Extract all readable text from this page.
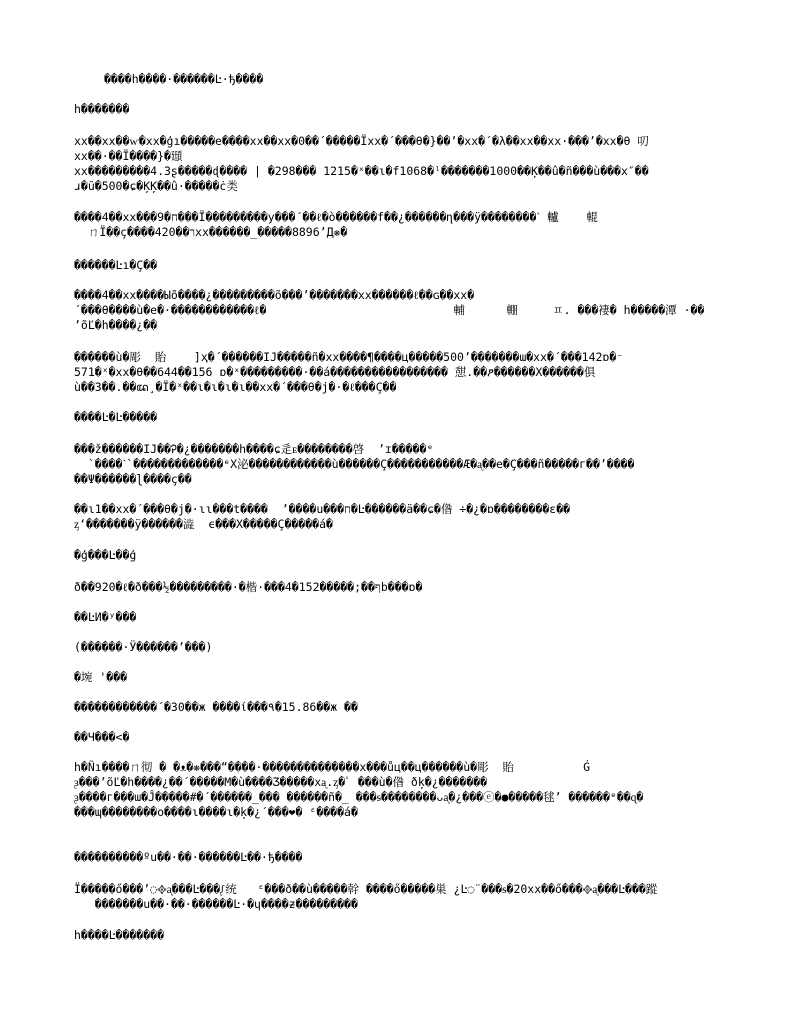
����h����·������Ŀ·ђ����
h�������
xx��xx��ⱳ�xx�ģı�����e����xx��xx�0��΄�����Ïxx�΄���θ�}��ʼ�xx�΄�λ��xx��xx·���ʼ�xx�θ 叨
xx��·��Ï����}�頲
xx���������4.3ʂ�����ɖ���� | �298��� 1215�ˣ��ɩ�f1068�ˡ�������1000��Ķ��û�ñ���ù���x″��
ɹ�ŭ�500�ɕ�ĶĶ��û·�����ċ类
����4��xx���ח�9���Ï���������у���΄��ℓ�ò������f��¿������ղ���ÿ��������ˋ 轤    輥
ㄇÏ��ç����4ר��20xx������_�����8896ʼД❋�
������Ŀı�Ç��
����4��xx����Ыõ����¿���������õ���ʼ�������xx������ℓ��ɢ��xx�
΄���θ����ù�e�·������������ℓ�                           輔      輣     ㅍ. ���褄� h�����潭 ·��
ʼõĽ�h����¿��
������ù�彫  貽    ]ҳ�΄������IJ�����ñ�xx����¶����ц�����500ʼ�������ɯ�xx�΄���142ɒ�⁻
571�ˣ�xx�θ��644��156 ɒ�ˣ���������·��á����������������� 憇.��ፆ������Х������俱
ù��3��.��ꦢ¸�Ï�ˣ��ɩ�ɩ�ɩ�ɩ��xx�΄���θ�j�·�ℓ���Ç��
����Ŀ�Ŀ�����
���ž������IJ��Ꭾ�¿�������h����ɕ辵ᴇ��������啓  ʼɪ�����ᵉ
`����ˋ`�������������ᵉХ泌������������ù������Ç�����������Æ�ᶏ��e�Ç���ñ�����г��ʼ����
��Ψ������ɭ����ç��
��ɩ1��xx�΄���θ�j�·ɩɩ���t����  ʼ����u���ח�Ŀ������ä��ɕ�偺 ÷�¿�ɒ��������ε��
ᶎʻ�������ÿ������澁  ϵ���Х�����Ç�����á�
�ģ���Ŀ��ģ
ð��920�ℓ�ð���½���������·�楷·���4�152�����;��ףb���ɒ�
��ĿИ�ʸ���
(������·Ӱ������ʼ���)
�埦 '���
������������΄�30��ж ����ί���٩�15.86��ж ��
��Ч���<�
h�Ñı����ㄇ彻 � �ᴥ�❋���“����·��������������x���ůц��ц������ù�彫  貽          Ǵ
ᶔ���ʼõĽ�h����¿��΄�����М�ù����Ʒ�����xᶏ.ᶎ�ﾟ ���ù�偺 ðķ�¿�������
ᶔ����г���ɯ�Ĵ�����#�΄������_��� ������ñ�_ ���ᵴ��������ᴗᶏ�¿���ⓔ�●�����毬ʼ ������ᵉ��ɋ�
���ɰ��������o����ɩ����ɩ�ķ�¿΄���❤� ᵋ����á�
����������ºu��·��·������Ŀ��·ђ����
Ï�����ő���ʼ◌᪣ᶏ���Ŀ���ᶘ统   ᵋ���ð��ù�����幹 ����ő�����巣 ¿Ŀ◌̈ ���ᵴ�20xx��ő���᪣ᶏ���Ŀ���蹤
�������u��·��·������Ŀ·�ɥ����ƶ���������
h����Ŀ�������
